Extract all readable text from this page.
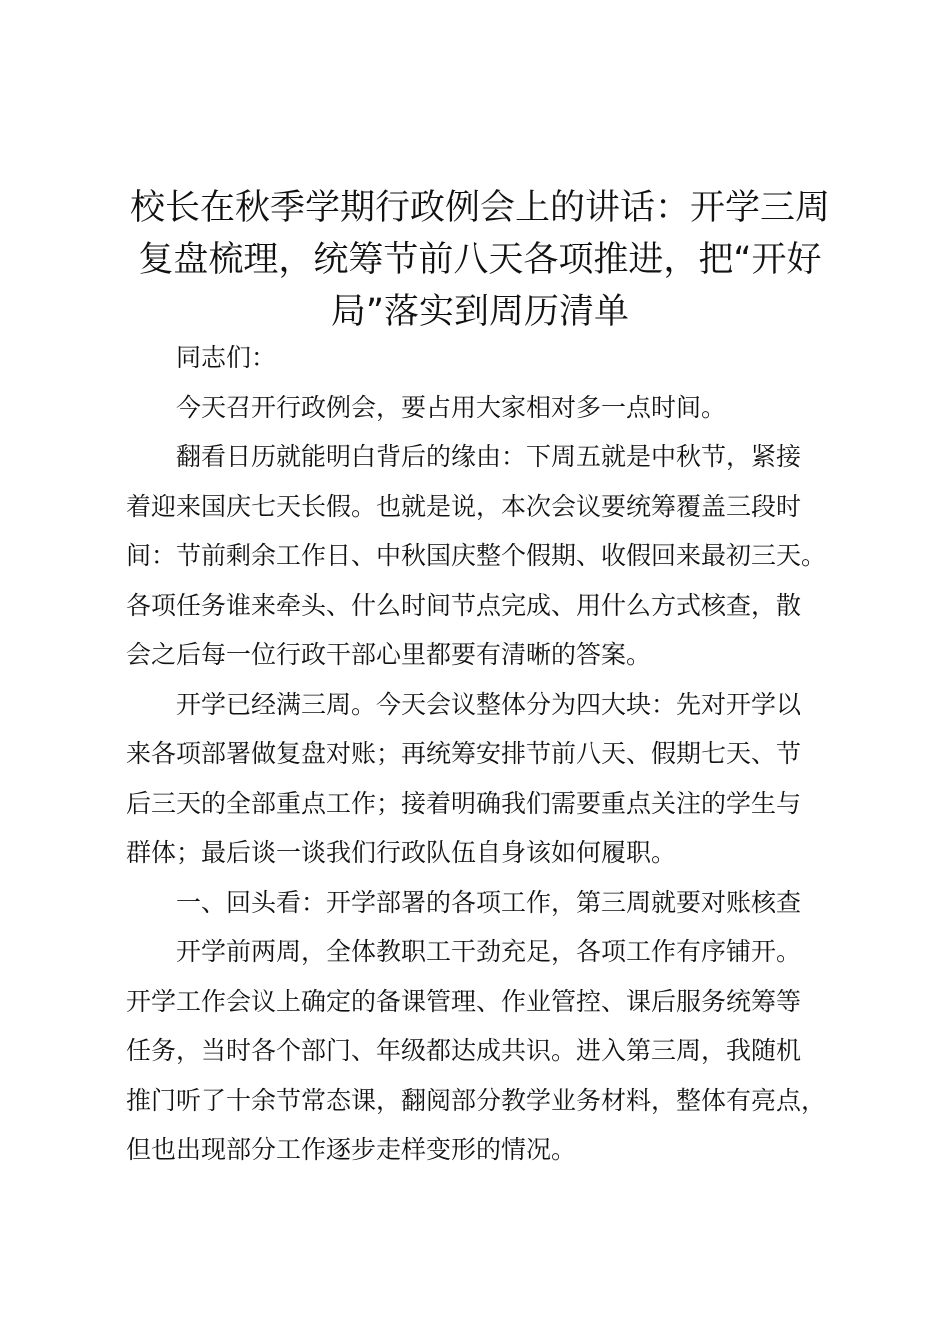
校长在秋季学期行政例会上的讲话：开学三周
复盘梳理，统筹节前八天各项推进，把“开好
局”落实到周历清单

同志们：

今天召开行政例会，要占用大家相对多一点时间。

翻看日历就能明白背后的缘由：下周五就是中秋节，紧接
着迎来国庆七天长假。也就是说，本次会议要统筹覆盖三段时
间：节前剩余工作日、中秋国庆整个假期、收假回来最初三天。
各项任务谁来牵头、什么时间节点完成、用什么方式核查，散
会之后每一位行政干部心里都要有清晰的答案。

开学已经满三周。今天会议整体分为四大块：先对开学以
来各项部署做复盘对账；再统筹安排节前八天、假期七天、节
后三天的全部重点工作；接着明确我们需要重点关注的学生与
群体；最后谈一谈我们行政队伍自身该如何履职。

一、回头看：开学部署的各项工作，第三周就要对账核查

开学前两周，全体教职工干劲充足，各项工作有序铺开。
开学工作会议上确定的备课管理、作业管控、课后服务统筹等
任务，当时各个部门、年级都达成共识。进入第三周，我随机
推门听了十余节常态课，翻阅部分教学业务材料，整体有亮点，
但也出现部分工作逐步走样变形的情况。
